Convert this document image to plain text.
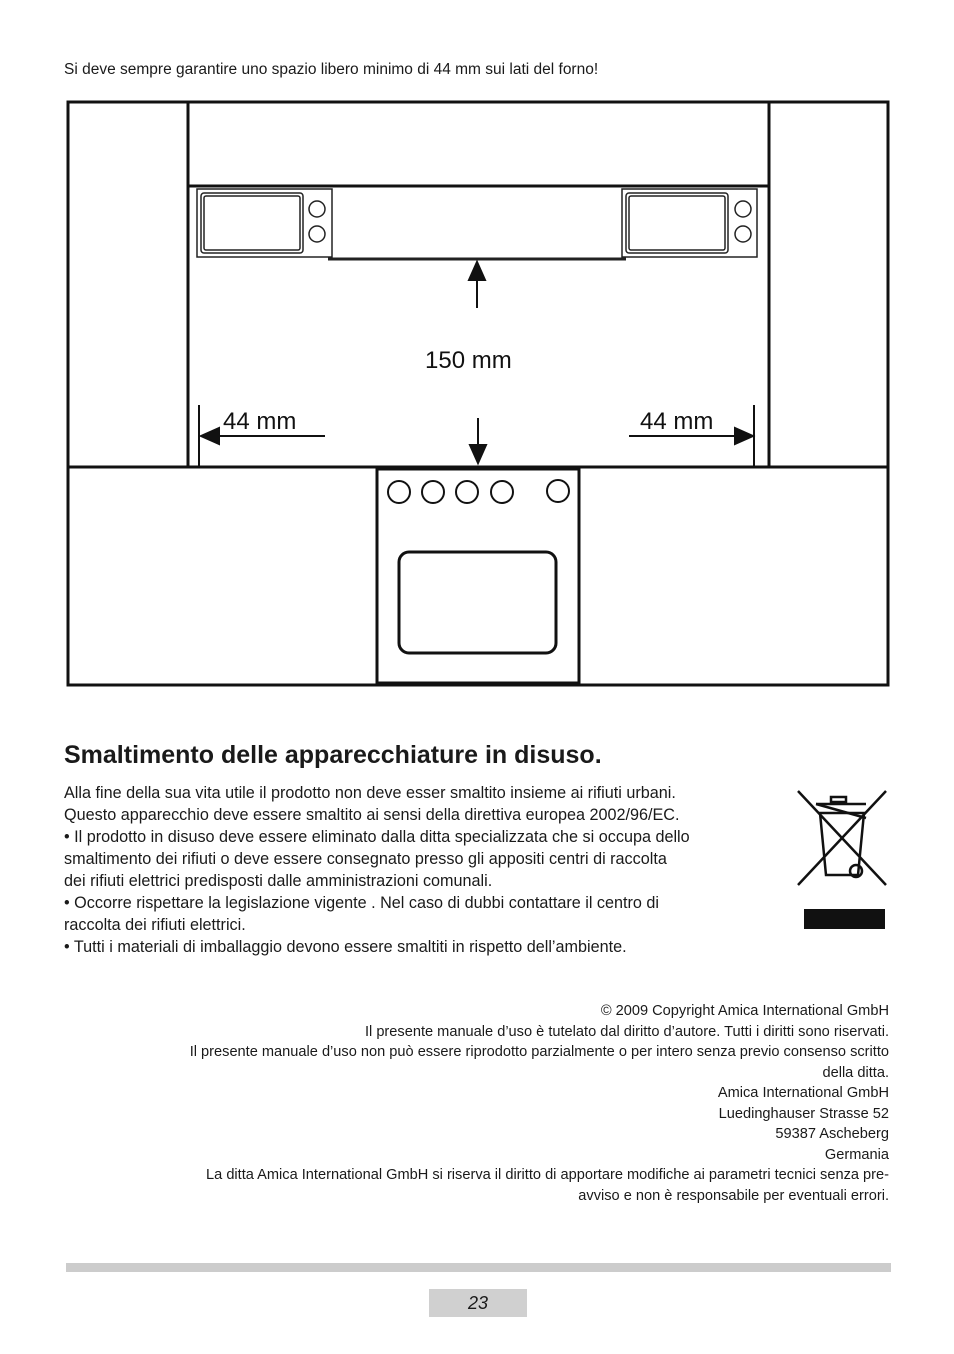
Si deve sempre garantire uno spazio libero minimo di 44 mm sui lati del forno!
150 mm
44 mm	44 mm
Smaltimento delle apparecchiature in disuso.

Alla fine della sua vita utile il prodotto non deve esser smaltito insieme ai rifiuti urbani.

Questo apparecchio deve essere smaltito ai sensi della direttiva europea 2002/96/EC.

• Il prodotto in disuso deve essere eliminato dalla ditta specializzata che si occupa dello

smaltimento dei rifiuti o deve essere consegnato presso gli appositi centri di raccolta

dei rifiuti elettrici predisposti dalle amministrazioni comunali.

• Occorre rispettare la legislazione vigente . Nel caso di dubbi contattare il centro di

raccolta dei rifiuti elettrici.

• Tutti i materiali di imballaggio devono essere smaltiti in rispetto dell’ambiente.

© 2009 Copyright Amica International GmbH

Il presente manuale d’uso è tutelato dal diritto d’autore. Tutti i diritti sono riservati.

Il presente manuale d’uso non può essere riprodotto parzialmente o per intero senza previo consenso scritto

della ditta.

Amica International GmbH

Luedinghauser Strasse 52

59387 Ascheberg

Germania

La ditta Amica International GmbH si riserva il diritto di apportare modifiche ai parametri tecnici senza pre-

avviso e non è responsabile per eventuali errori.

23
